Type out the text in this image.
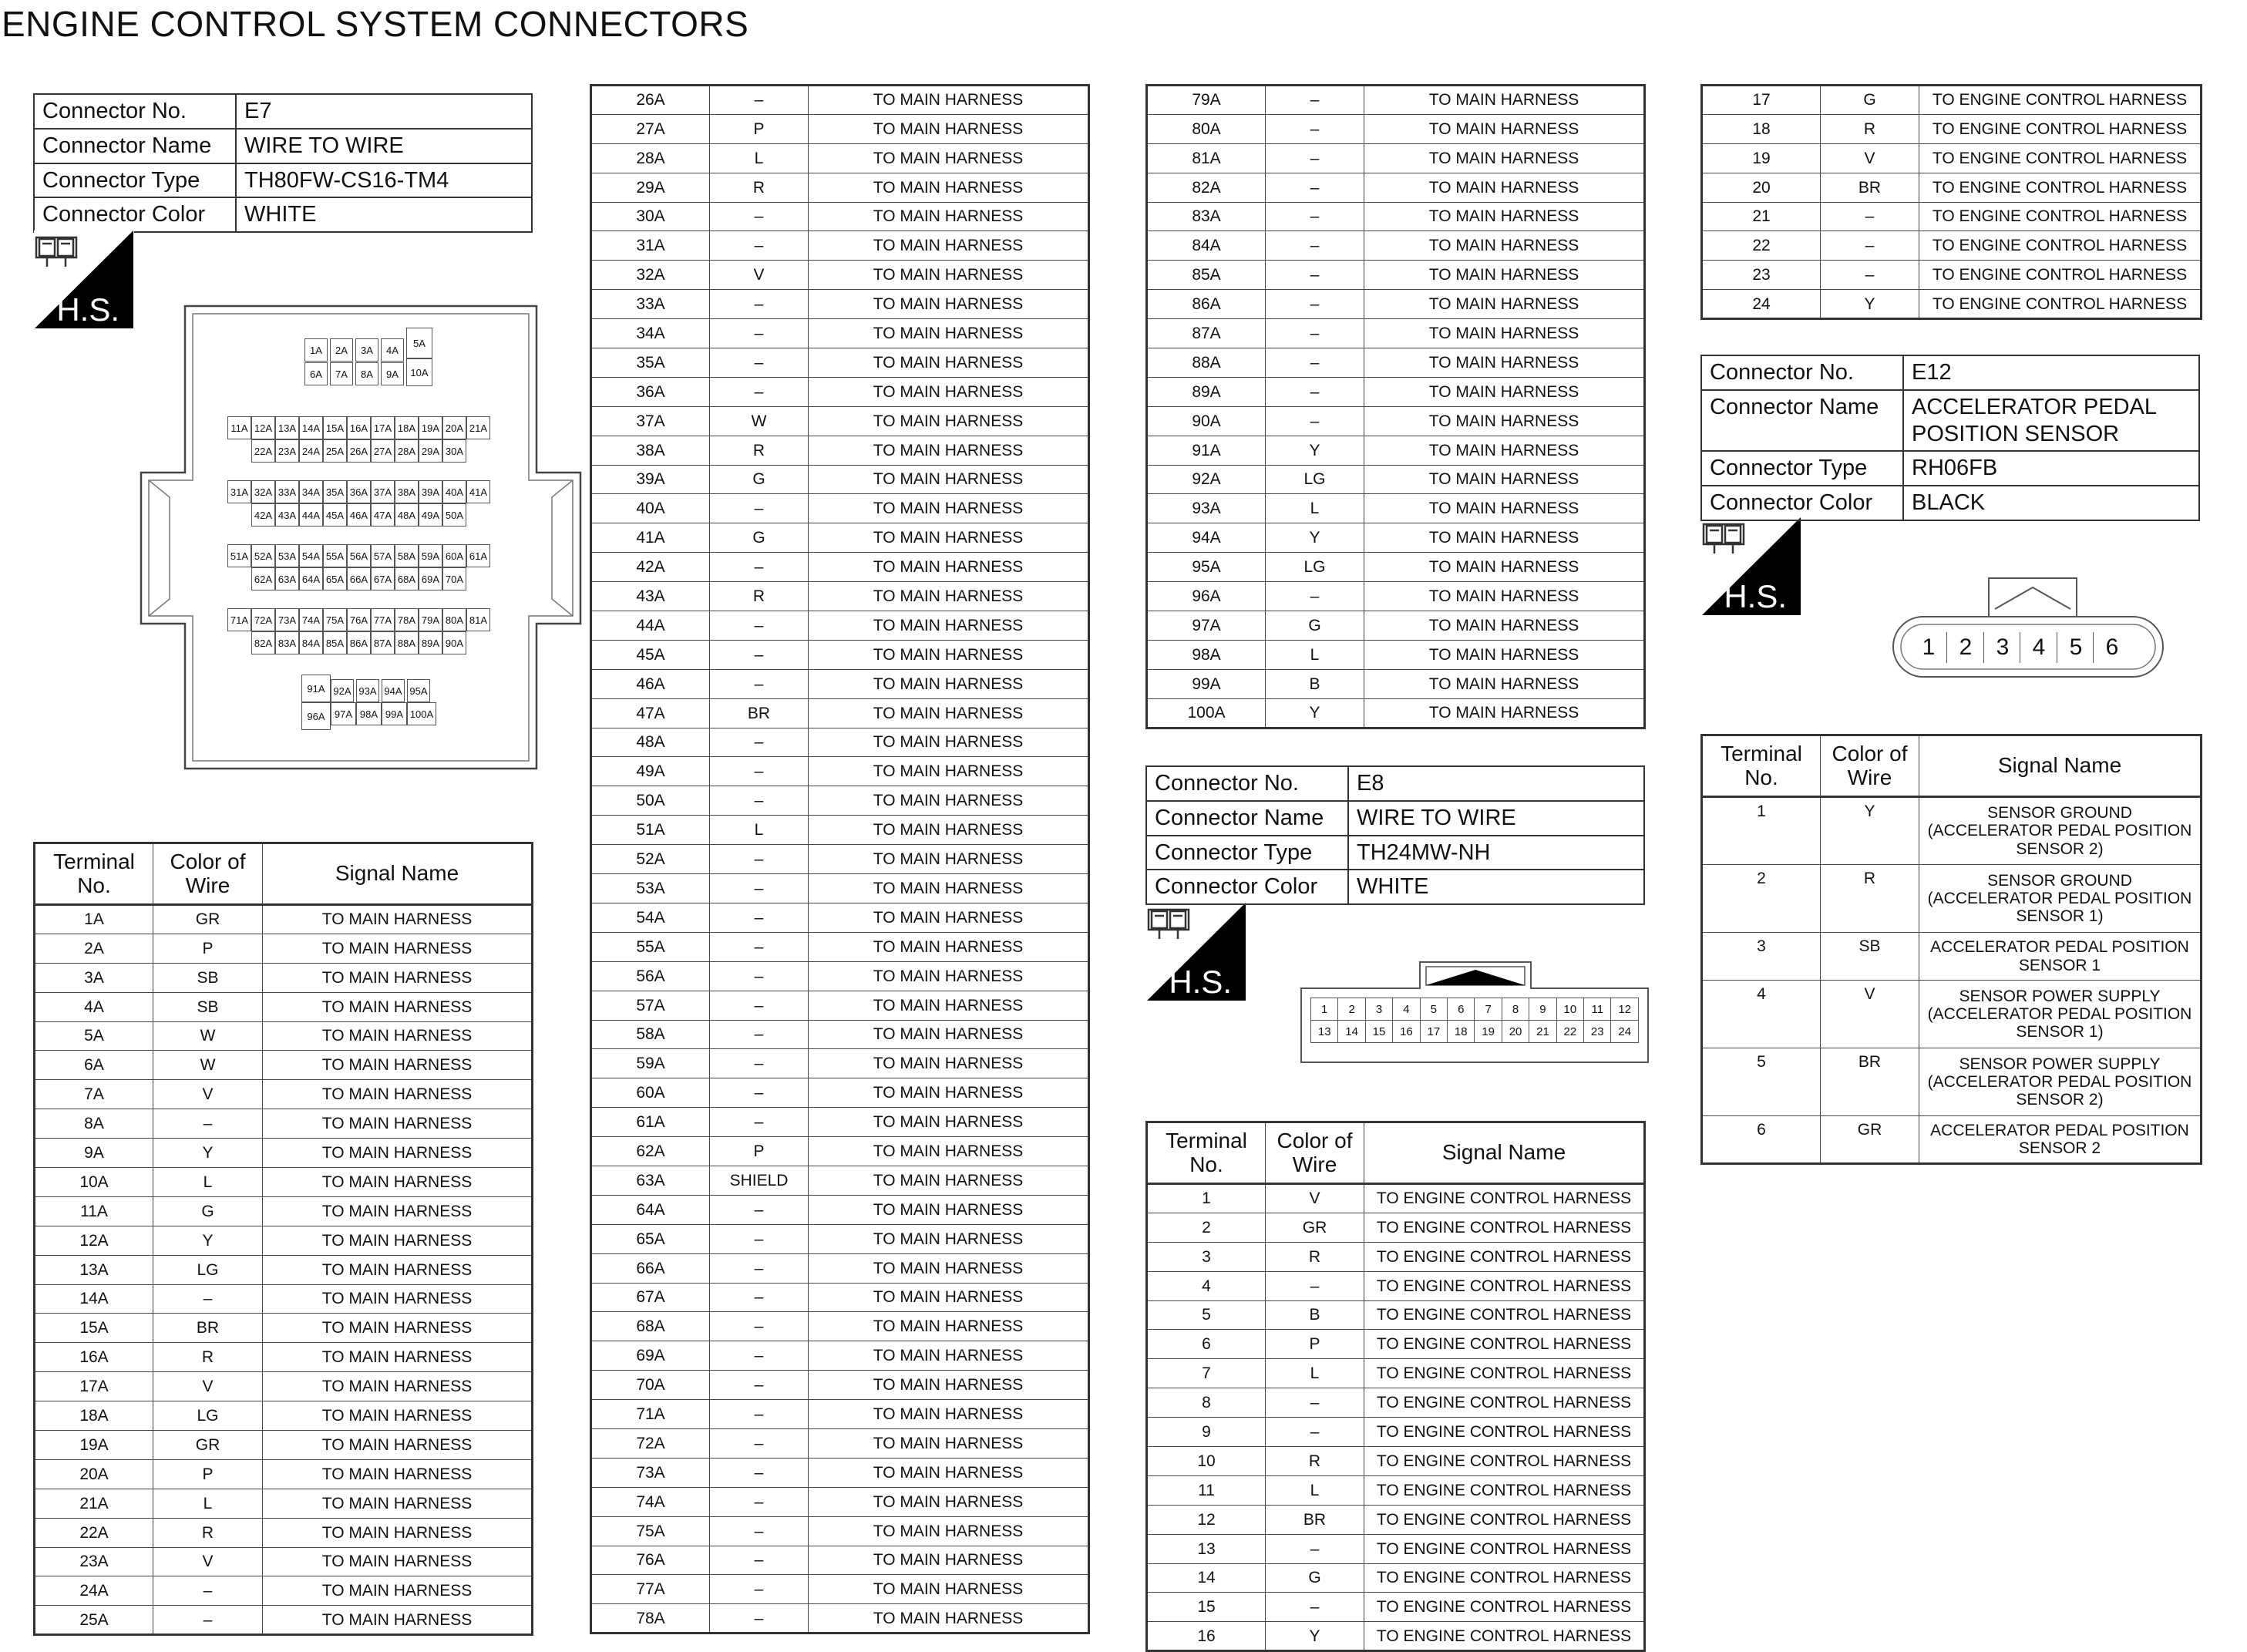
ENGINE CONTROL SYSTEM CONNECTORS
Connector No.	E7
Connector Name	WIRE TO WIRE
Connector Type	TH80FW-CS16-TM4
Connector Color	WHITE
H.S.
H.S.
H.S.
1A	2A	3A	4A
6A	7A	8A	9A
5A
10A
11A 12A 13A 14A 15A 16A 17A 18A 19A 20A 21A
22A 23A 24A 25A 26A 27A 28A 29A 30A
31A 32A 33A 34A 35A 36A 37A 38A 39A 40A 41A
42A 43A 44A 45A 46A 47A 48A 49A 50A
51A 52A 53A 54A 55A 56A 57A 58A 59A 60A 61A
62A 63A 64A 65A 66A 67A 68A 69A 70A
71A 72A 73A 74A 75A 76A 77A 78A 79A 80A 81A
82A 83A 84A 85A 86A 87A 88A 89A 90A
91A
96A
92A 93A 94A 95A
97A 98A 99A 100A
Terminal
No.	Color of
Wire	Signal Name
1A	GR	TO MAIN HARNESS
2A	P	TO MAIN HARNESS
3A	SB	TO MAIN HARNESS
4A	SB	TO MAIN HARNESS
5A	W	TO MAIN HARNESS
6A	W	TO MAIN HARNESS
7A	V	TO MAIN HARNESS
8A	–	TO MAIN HARNESS
9A	Y	TO MAIN HARNESS
10A	L	TO MAIN HARNESS
11A	G	TO MAIN HARNESS
12A	Y	TO MAIN HARNESS
13A	LG	TO MAIN HARNESS
14A	–	TO MAIN HARNESS
15A	BR	TO MAIN HARNESS
16A	R	TO MAIN HARNESS
17A	V	TO MAIN HARNESS
18A	LG	TO MAIN HARNESS
19A	GR	TO MAIN HARNESS
20A	P	TO MAIN HARNESS
21A	L	TO MAIN HARNESS
22A	R	TO MAIN HARNESS
23A	V	TO MAIN HARNESS
24A	–	TO MAIN HARNESS
25A	–	TO MAIN HARNESS
26A	–	TO MAIN HARNESS
27A	P	TO MAIN HARNESS
28A	L	TO MAIN HARNESS
29A	R	TO MAIN HARNESS
30A	–	TO MAIN HARNESS
31A	–	TO MAIN HARNESS
32A	V	TO MAIN HARNESS
33A	–	TO MAIN HARNESS
34A	–	TO MAIN HARNESS
35A	–	TO MAIN HARNESS
36A	–	TO MAIN HARNESS
37A	W	TO MAIN HARNESS
38A	R	TO MAIN HARNESS
39A	G	TO MAIN HARNESS
40A	–	TO MAIN HARNESS
41A	G	TO MAIN HARNESS
42A	–	TO MAIN HARNESS
43A	R	TO MAIN HARNESS
44A	–	TO MAIN HARNESS
45A	–	TO MAIN HARNESS
46A	–	TO MAIN HARNESS
47A	BR	TO MAIN HARNESS
48A	–	TO MAIN HARNESS
49A	–	TO MAIN HARNESS
50A	–	TO MAIN HARNESS
51A	L	TO MAIN HARNESS
52A	–	TO MAIN HARNESS
53A	–	TO MAIN HARNESS
54A	–	TO MAIN HARNESS
55A	–	TO MAIN HARNESS
56A	–	TO MAIN HARNESS
57A	–	TO MAIN HARNESS
58A	–	TO MAIN HARNESS
59A	–	TO MAIN HARNESS
60A	–	TO MAIN HARNESS
61A	–	TO MAIN HARNESS
62A	P	TO MAIN HARNESS
63A	SHIELD	TO MAIN HARNESS
64A	–	TO MAIN HARNESS
65A	–	TO MAIN HARNESS
66A	–	TO MAIN HARNESS
67A	–	TO MAIN HARNESS
68A	–	TO MAIN HARNESS
69A	–	TO MAIN HARNESS
70A	–	TO MAIN HARNESS
71A	–	TO MAIN HARNESS
72A	–	TO MAIN HARNESS
73A	–	TO MAIN HARNESS
74A	–	TO MAIN HARNESS
75A	–	TO MAIN HARNESS
76A	–	TO MAIN HARNESS
77A	–	TO MAIN HARNESS
78A	–	TO MAIN HARNESS
79A	–	TO MAIN HARNESS
80A	–	TO MAIN HARNESS
81A	–	TO MAIN HARNESS
82A	–	TO MAIN HARNESS
83A	–	TO MAIN HARNESS
84A	–	TO MAIN HARNESS
85A	–	TO MAIN HARNESS
86A	–	TO MAIN HARNESS
87A	–	TO MAIN HARNESS
88A	–	TO MAIN HARNESS
89A	–	TO MAIN HARNESS
90A	–	TO MAIN HARNESS
91A	Y	TO MAIN HARNESS
92A	LG	TO MAIN HARNESS
93A	L	TO MAIN HARNESS
94A	Y	TO MAIN HARNESS
95A	LG	TO MAIN HARNESS
96A	–	TO MAIN HARNESS
97A	G	TO MAIN HARNESS
98A	L	TO MAIN HARNESS
99A	B	TO MAIN HARNESS
100A	Y	TO MAIN HARNESS
Connector No.	E8
Connector Name	WIRE TO WIRE
Connector Type	TH24MW-NH
Connector Color	WHITE
1	2	3	4	5	6	7	8	9	10	11	12
13	14	15	16	17	18	19	20	21	22	23	24
Terminal
No.	Color of
Wire	Signal Name
1	V	TO ENGINE CONTROL HARNESS
2	GR	TO ENGINE CONTROL HARNESS
3	R	TO ENGINE CONTROL HARNESS
4	–	TO ENGINE CONTROL HARNESS
5	B	TO ENGINE CONTROL HARNESS
6	P	TO ENGINE CONTROL HARNESS
7	L	TO ENGINE CONTROL HARNESS
8	–	TO ENGINE CONTROL HARNESS
9	–	TO ENGINE CONTROL HARNESS
10	R	TO ENGINE CONTROL HARNESS
11	L	TO ENGINE CONTROL HARNESS
12	BR	TO ENGINE CONTROL HARNESS
13	–	TO ENGINE CONTROL HARNESS
14	G	TO ENGINE CONTROL HARNESS
15	–	TO ENGINE CONTROL HARNESS
16	Y	TO ENGINE CONTROL HARNESS
17	G	TO ENGINE CONTROL HARNESS
18	R	TO ENGINE CONTROL HARNESS
19	V	TO ENGINE CONTROL HARNESS
20	BR	TO ENGINE CONTROL HARNESS
21	–	TO ENGINE CONTROL HARNESS
22	–	TO ENGINE CONTROL HARNESS
23	–	TO ENGINE CONTROL HARNESS
24	Y	TO ENGINE CONTROL HARNESS
Connector No.	E12
Connector Name	ACCELERATOR PEDAL
POSITION SENSOR
Connector Type	RH06FB
Connector Color	BLACK
1	2	3	4	5	6
Terminal
No.	Color of
Wire	Signal Name
1	Y	SENSOR GROUND
(ACCELERATOR PEDAL POSITION
SENSOR 2)
2	R	SENSOR GROUND
(ACCELERATOR PEDAL POSITION
SENSOR 1)
3	SB	ACCELERATOR PEDAL POSITION
SENSOR 1
4	V	SENSOR POWER SUPPLY
(ACCELERATOR PEDAL POSITION
SENSOR 1)
5	BR	SENSOR POWER SUPPLY
(ACCELERATOR PEDAL POSITION
SENSOR 2)
6	GR	ACCELERATOR PEDAL POSITION
SENSOR 2
